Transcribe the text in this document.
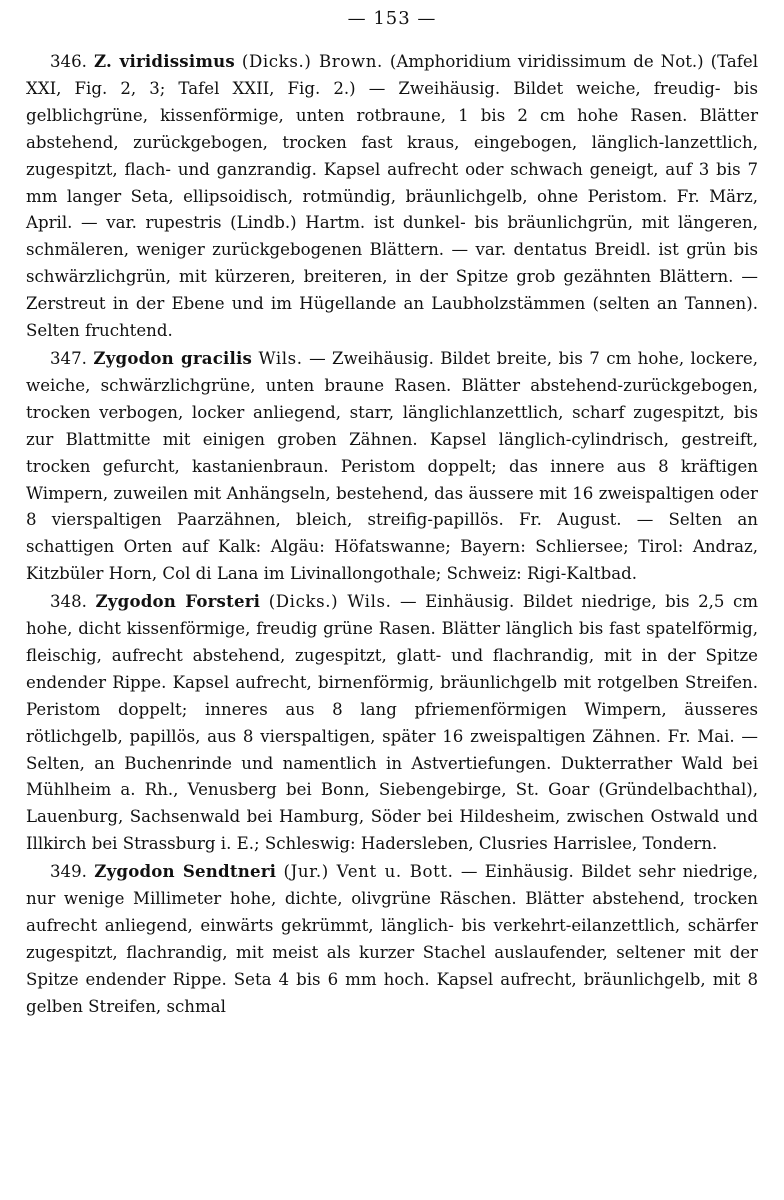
— 153 —

346. Z. viridissimus (Dicks.) Brown. (Amphoridium viridissimum de Not.) (Tafel XXI, Fig. 2, 3; Tafel XXII, Fig. 2.) — Zweihäusig. Bildet weiche, freudig- bis gelblichgrüne, kissenförmige, unten rotbraune, 1 bis 2 cm hohe Rasen. Blätter abstehend, zurückgebogen, trocken fast kraus, eingebogen, länglich-lanzettlich, zugespitzt, flach- und ganzrandig. Kapsel aufrecht oder schwach geneigt, auf 3 bis 7 mm langer Seta, ellipsoidisch, rotmündig, bräunlichgelb, ohne Peristom. Fr. März, April. — var. rupestris (Lindb.) Hartm. ist dunkel- bis bräunlichgrün, mit längeren, schmäleren, weniger zurückgebogenen Blättern. — var. dentatus Breidl. ist grün bis schwärzlichgrün, mit kürzeren, breiteren, in der Spitze grob gezähnten Blättern. — Zerstreut in der Ebene und im Hügellande an Laubholzstämmen (selten an Tannen). Selten fruchtend.

347. Zygodon gracilis Wils. — Zweihäusig. Bildet breite, bis 7 cm hohe, lockere, weiche, schwärzlichgrüne, unten braune Rasen. Blätter abstehend-zurückgebogen, trocken verbogen, locker anliegend, starr, länglichlanzettlich, scharf zugespitzt, bis zur Blattmitte mit einigen groben Zähnen. Kapsel länglich-cylindrisch, gestreift, trocken gefurcht, kastanienbraun. Peristom doppelt; das innere aus 8 kräftigen Wimpern, zuweilen mit Anhängseln, bestehend, das äussere mit 16 zweispaltigen oder 8 vierspaltigen Paarzähnen, bleich, streifig-papillös. Fr. August. — Selten an schattigen Orten auf Kalk: Algäu: Höfatswanne; Bayern: Schliersee; Tirol: Andraz, Kitzbüler Horn, Col di Lana im Livinallongothale; Schweiz: Rigi-Kaltbad.

348. Zygodon Forsteri (Dicks.) Wils. — Einhäusig. Bildet niedrige, bis 2,5 cm hohe, dicht kissenförmige, freudig grüne Rasen. Blätter länglich bis fast spatelförmig, fleischig, aufrecht abstehend, zugespitzt, glatt- und flachrandig, mit in der Spitze endender Rippe. Kapsel aufrecht, birnenförmig, bräunlichgelb mit rotgelben Streifen. Peristom doppelt; inneres aus 8 lang pfriemenförmigen Wimpern, äusseres rötlichgelb, papillös, aus 8 vierspaltigen, später 16 zweispaltigen Zähnen. Fr. Mai. — Selten, an Buchenrinde und namentlich in Astvertiefungen. Dukterrather Wald bei Mühlheim a. Rh., Venusberg bei Bonn, Siebengebirge, St. Goar (Gründelbachthal), Lauenburg, Sachsenwald bei Hamburg, Söder bei Hildesheim, zwischen Ostwald und Illkirch bei Strassburg i. E.; Schleswig: Hadersleben, Clusries Harrislee, Tondern.

349. Zygodon Sendtneri (Jur.) Vent u. Bott. — Einhäusig. Bildet sehr niedrige, nur wenige Millimeter hohe, dichte, olivgrüne Räschen. Blätter abstehend, trocken aufrecht anliegend, einwärts gekrümmt, länglich- bis verkehrt-eilanzettlich, schärfer zugespitzt, flachrandig, mit meist als kurzer Stachel auslaufender, seltener mit der Spitze endender Rippe. Seta 4 bis 6 mm hoch. Kapsel aufrecht, bräunlichgelb, mit 8 gelben Streifen, schmal
